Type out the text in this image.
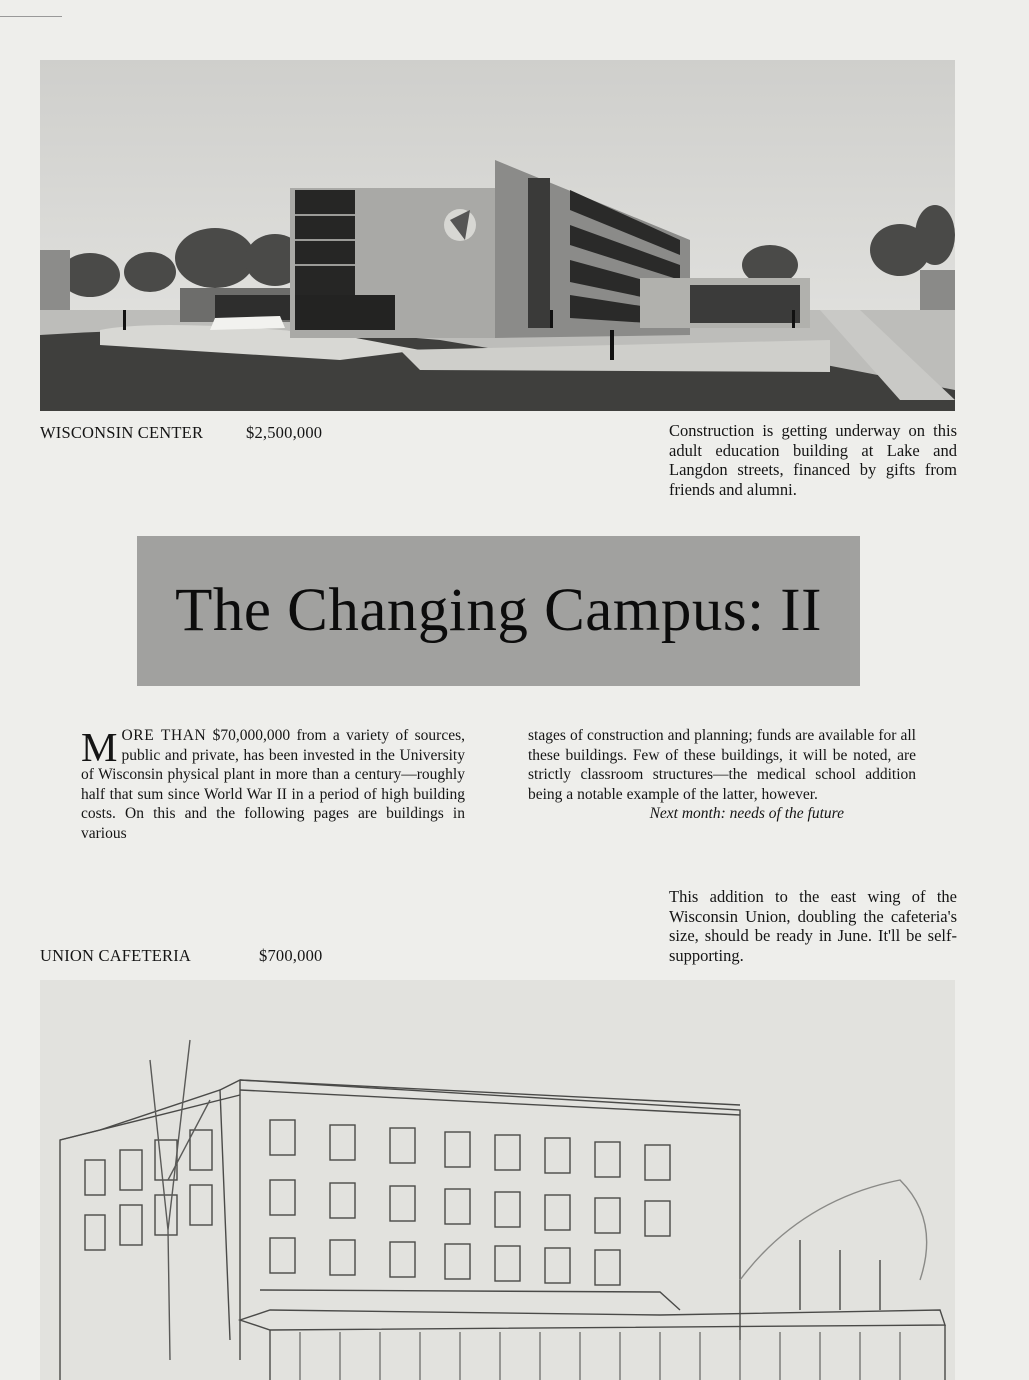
WISCONSIN CENTER	$2,500,000	Construction is getting underway on this adult education building at Lake and Langdon streets, financed by gifts from friends and alumni.
The Changing Campus: II
MORE THAN $70,000,000 from a variety of sources, public and private, has been invested in the University of Wisconsin physical plant in more than a century—roughly half that sum since World War II in a period of high building costs. On this and the following pages are buildings in various
stages of construction and planning; funds are available for all these buildings. Few of these buildings, it will be noted, are strictly classroom structures—the medical school addition being a notable example of the latter, however.
Next month: needs of the future
This addition to the east wing of the Wisconsin Union, doubling the cafeteria's size, should be ready in June. It'll be self-supporting.
UNION CAFETERIA	$700,000
